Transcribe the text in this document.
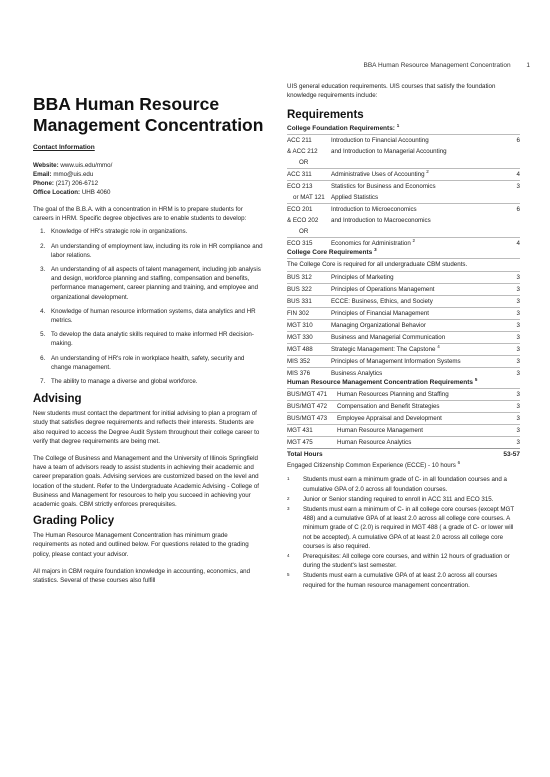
BBA Human Resource Management Concentration 1
BBA Human Resource Management Concentration
Contact Information
Website: www.uis.edu/mmo/
Email: mmo@uis.edu
Phone: (217) 206-6712
Office Location: UHB 4060

The goal of the B.B.A. with a concentration in HRM is to prepare students for careers in HRM. Specific degree objectives are to enable students to develop:

1. Knowledge of HR's strategic role in organizations.
2. An understanding of employment law, including its role in HR compliance and labor relations.
3. An understanding of all aspects of talent management, including job analysis and design, workforce planning and staffing, compensation and benefits, performance management, career planning and training, and employee and organizational development.
4. Knowledge of human resource information systems, data analytics and HR metrics.
5. To develop the data analytic skills required to make informed HR decision-making.
6. An understanding of HR's role in workplace health, safety, security and change management.
7. The ability to manage a diverse and global workforce.
Advising

New students must contact the department for initial advising to plan a program of study that satisfies degree requirements and reflects their interests. Students are also required to access the Degree Audit System throughout their college career to verify that degree requirements are being met.

The College of Business and Management and the University of Illinois Springfield have a team of advisors ready to assist students in achieving their academic and career preparation goals. Advising services are customized based on the level and location of the student. Refer to the Undergraduate Academic Advising - College of Business and Management for resources to help you succeed in achieving your academic goals. CBM strictly enforces prerequisites.

Grading Policy

The Human Resource Management Concentration has minimum grade requirements as noted and outlined below. For questions related to the grading policy, please contact your advisor.

All majors in CBM require foundation knowledge in accounting, economics, and statistics. Several of these courses also fulfill

UIS general education requirements. UIS courses that satisfy the foundation knowledge requirements include:

Requirements
College Foundation Requirements: $^1$
ACC 211	Introduction to Financial Accounting	6
& ACC 212	and Introduction to Managerial Accounting
OR
ACC 311	Administrative Uses of Accounting $^2$	4
ECO 213	Statistics for Business and Economics	3
or MAT 121	Applied Statistics
ECO 201	Introduction to Microeconomics	6
& ECO 202	and Introduction to Macroeconomics
OR
ECO 315	Economics for Administration $^2$	4
College Core Requirements $^3$
The College Core is required for all undergraduate CBM students.
BUS 312	Principles of Marketing	3
BUS 322	Principles of Operations Management	3
BUS 331	ECCE: Business, Ethics, and Society	3
FIN 302	Principles of Financial Management	3
MGT 310	Managing Organizational Behavior	3
MGT 330	Business and Managerial Communication	3
MGT 488	Strategic Management: The Capstone $^4$	3
MIS 352	Principles of Management Information Systems	3
MIS 376	Business Analytics	3
Human Resource Management Concentration Requirements $^5$
BUS/MGT 471	Human Resources Planning and Staffing	3
BUS/MGT 472	Compensation and Benefit Strategies	3
BUS/MGT 473	Employee Appraisal and Development	3
MGT 431	Human Resource Management	3
MGT 475	Human Resource Analytics	3
Total Hours	53-57
Engaged Citizenship Common Experience (ECCE) - 10 hours $^6$
1	Students must earn a minimum grade of C- in all foundation courses and a cumulative GPA of 2.0 across all foundation courses.
2	Junior or Senior standing required to enroll in ACC 311 and ECO 315.
3	Students must earn a minimum of C- in all college core courses (except MGT 488) and a cumulative GPA of at least 2.0 across all college core courses. A minimum grade of C (2.0) is required in MGT 488 ( a grade of C- or lower will not be accepted). A cumulative GPA of at least 2.0 across all college core courses is also required.
4	Prerequisites: All college core courses, and within 12 hours of graduation or during the student's last semester.
5	Students must earn a cumulative GPA of at least 2.0 across all courses required for the human resource management concentration.
